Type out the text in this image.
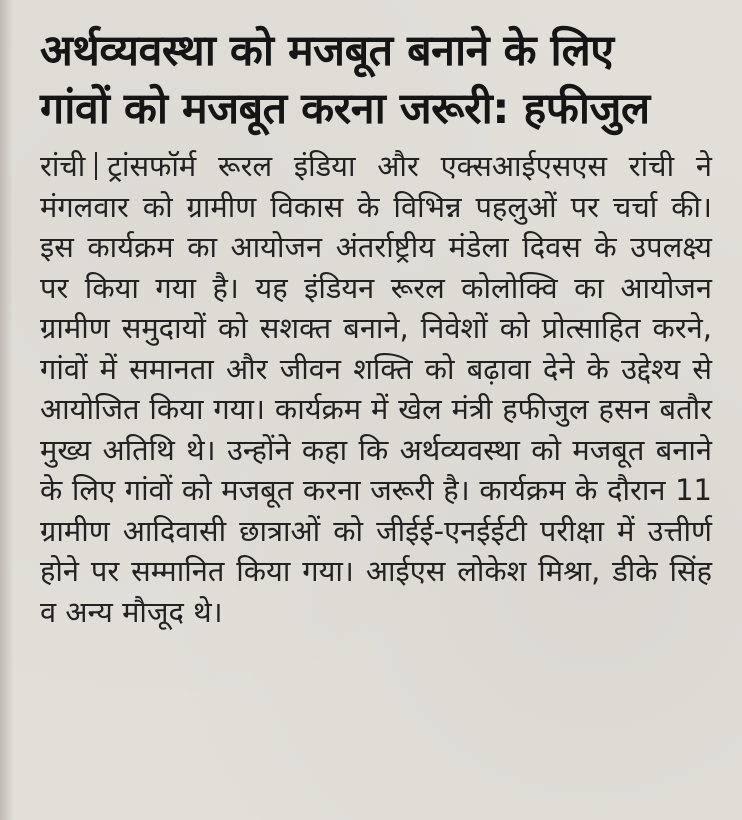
अर्थव्यवस्था को मजबूत बनाने के लिए
गांवों को मजबूत करना जरूरी: हफीजुल

रांची ट्रांसफॉर्म रूरल इंडिया और एक्सआईएसएस रांची ने मंगलवार को ग्रामीण विकास के विभिन्न पहलुओं पर चर्चा की। इस कार्यक्रम का आयोजन अंतर्राष्ट्रीय मंडेला दिवस के उपलक्ष्य पर किया गया है। यह इंडियन रूरल कोलोक्वि का आयोजन ग्रामीण समुदायों को सशक्त बनाने, निवेशों को प्रोत्साहित करने, गांवों में समानता और जीवन शक्ति को बढ़ावा देने के उद्देश्य से आयोजित किया गया। कार्यक्रम में खेल मंत्री हफीजुल हसन बतौर मुख्य अतिथि थे। उन्होंने कहा कि अर्थव्यवस्था को मजबूत बनाने के लिए गांवों को मजबूत करना जरूरी है। कार्यक्रम के दौरान 11 ग्रामीण आदिवासी छात्राओं को जीईई-एनईईटी परीक्षा में उत्तीर्ण होने पर सम्मानित किया गया। आईएस लोकेश मिश्रा, डीके सिंह व अन्य मौजूद थे।
